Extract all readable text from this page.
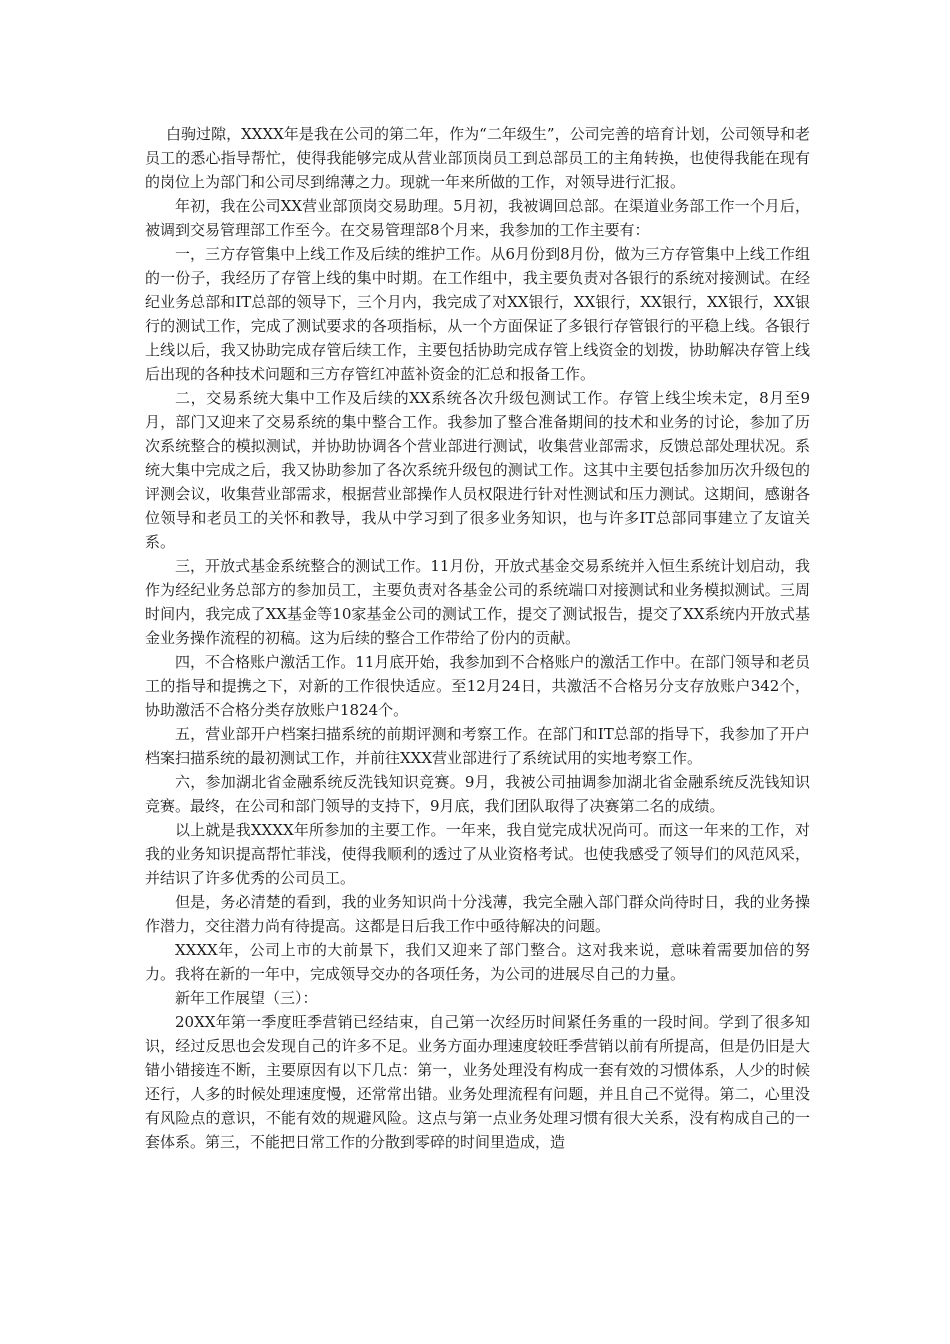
白驹过隙，XXXX年是我在公司的第二年，作为“二年级生”，公司完善的培育计划，公司领导和老员工的悉心指导帮忙，使得我能够完成从营业部顶岗员工到总部员工的主角转换，也使得我能在现有的岗位上为部门和公司尽到绵薄之力。现就一年来所做的工作，对领导进行汇报。

年初，我在公司XX营业部顶岗交易助理。5月初，我被调回总部。在渠道业务部工作一个月后，被调到交易管理部工作至今。在交易管理部8个月来，我参加的工作主要有：

一，三方存管集中上线工作及后续的维护工作。从6月份到8月份，做为三方存管集中上线工作组的一份子，我经历了存管上线的集中时期。在工作组中，我主要负责对各银行的系统对接测试。在经纪业务总部和IT总部的领导下，三个月内，我完成了对XX银行，XX银行，XX银行，XX银行，XX银行的测试工作，完成了测试要求的各项指标，从一个方面保证了多银行存管银行的平稳上线。各银行上线以后，我又协助完成存管后续工作，主要包括协助完成存管上线资金的划拨，协助解决存管上线后出现的各种技术问题和三方存管红冲蓝补资金的汇总和报备工作。

二，交易系统大集中工作及后续的XX系统各次升级包测试工作。存管上线尘埃未定，8月至9月，部门又迎来了交易系统的集中整合工作。我参加了整合准备期间的技术和业务的讨论，参加了历次系统整合的模拟测试，并协助协调各个营业部进行测试，收集营业部需求，反馈总部处理状况。系统大集中完成之后，我又协助参加了各次系统升级包的测试工作。这其中主要包括参加历次升级包的评测会议，收集营业部需求，根据营业部操作人员权限进行针对性测试和压力测试。这期间，感谢各位领导和老员工的关怀和教导，我从中学习到了很多业务知识，也与许多IT总部同事建立了友谊关系。

三，开放式基金系统整合的测试工作。11月份，开放式基金交易系统并入恒生系统计划启动，我作为经纪业务总部方的参加员工，主要负责对各基金公司的系统端口对接测试和业务模拟测试。三周时间内，我完成了XX基金等10家基金公司的测试工作，提交了测试报告，提交了XX系统内开放式基金业务操作流程的初稿。这为后续的整合工作带给了份内的贡献。

四，不合格账户激活工作。11月底开始，我参加到不合格账户的激活工作中。在部门领导和老员工的指导和提携之下，对新的工作很快适应。至12月24日，共激活不合格另分支存放账户342个，协助激活不合格分类存放账户1824个。

五，营业部开户档案扫描系统的前期评测和考察工作。在部门和IT总部的指导下，我参加了开户档案扫描系统的最初测试工作，并前往XXX营业部进行了系统试用的实地考察工作。

六，参加湖北省金融系统反洗钱知识竞赛。9月，我被公司抽调参加湖北省金融系统反洗钱知识竞赛。最终，在公司和部门领导的支持下，9月底，我们团队取得了决赛第二名的成绩。

以上就是我XXXX年所参加的主要工作。一年来，我自觉完成状况尚可。而这一年来的工作，对我的业务知识提高帮忙菲浅，使得我顺利的透过了从业资格考试。也使我感受了领导们的风范风采，并结识了许多优秀的公司员工。

但是，务必清楚的看到，我的业务知识尚十分浅薄，我完全融入部门群众尚待时日，我的业务操作潜力，交往潜力尚有待提高。这都是日后我工作中亟待解决的问题。

XXXX年，公司上市的大前景下，我们又迎来了部门整合。这对我来说，意味着需要加倍的努力。我将在新的一年中，完成领导交办的各项任务，为公司的进展尽自己的力量。

新年工作展望（三）：

20XX年第一季度旺季营销已经结束，自己第一次经历时间紧任务重的一段时间。学到了很多知识，经过反思也会发现自己的许多不足。业务方面办理速度较旺季营销以前有所提高，但是仍旧是大错小错接连不断，主要原因有以下几点：第一，业务处理没有构成一套有效的习惯体系，人少的时候还行，人多的时候处理速度慢，还常常出错。业务处理流程有问题，并且自己不觉得。第二，心里没有风险点的意识，不能有效的规避风险。这点与第一点业务处理习惯有很大关系，没有构成自己的一套体系。第三，不能把日常工作的分散到零碎的时间里造成，造
